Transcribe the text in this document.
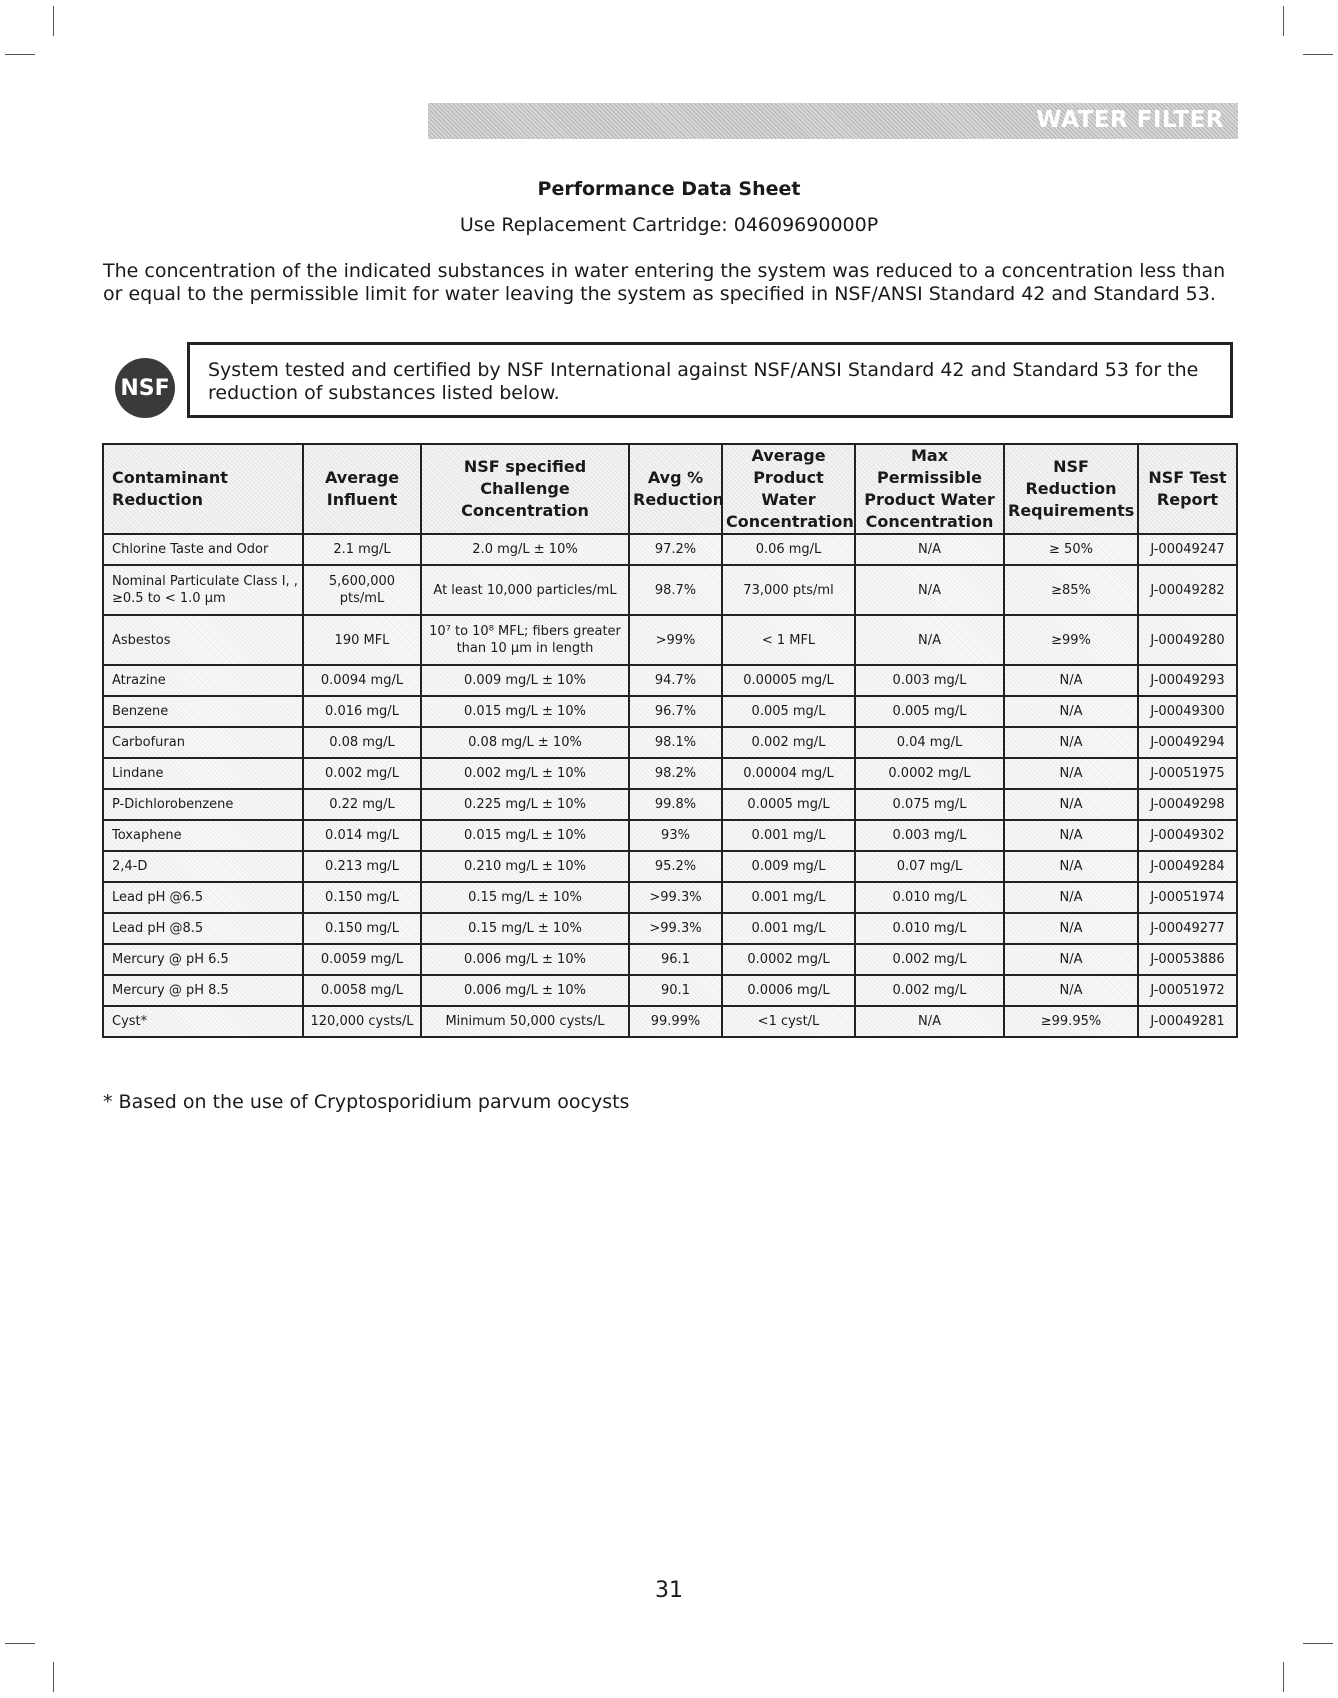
WATER FILTER
Performance Data Sheet
Use Replacement Cartridge: 04609690000P
The concentration of the indicated substances in water entering the system was reduced to a concentration less than or equal to the permissible limit for water leaving the system as specified in NSF/ANSI Standard 42 and Standard 53.
NSF
System tested and certified by NSF International against NSF/ANSI Standard 42 and Standard 53 for the reduction of substances listed below.
Contaminant Reduction	Average Influent	NSF specified Challenge Concentration	Avg % Reduction	Average Product Water Concentration	Max Permissible Product Water Concentration	NSF Reduction Requirements	NSF Test Report
Chlorine Taste and Odor	2.1 mg/L	2.0 mg/L ± 10%	97.2%	0.06 mg/L	N/A	≥ 50%	J-00049247
Nominal Particulate Class I, , ≥0.5 to < 1.0 µm	5,600,000 pts/mL	At least 10,000 particles/mL	98.7%	73,000 pts/ml	N/A	≥85%	J-00049282
Asbestos	190 MFL	10⁷ to 10⁸ MFL; fibers greater than 10 µm in length	>99%	< 1 MFL	N/A	≥99%	J-00049280
Atrazine	0.0094 mg/L	0.009 mg/L ± 10%	94.7%	0.00005 mg/L	0.003 mg/L	N/A	J-00049293
Benzene	0.016 mg/L	0.015 mg/L ± 10%	96.7%	0.005 mg/L	0.005 mg/L	N/A	J-00049300
Carbofuran	0.08 mg/L	0.08 mg/L ± 10%	98.1%	0.002 mg/L	0.04 mg/L	N/A	J-00049294
Lindane	0.002 mg/L	0.002 mg/L ± 10%	98.2%	0.00004 mg/L	0.0002 mg/L	N/A	J-00051975
P-Dichlorobenzene	0.22 mg/L	0.225 mg/L ± 10%	99.8%	0.0005 mg/L	0.075 mg/L	N/A	J-00049298
Toxaphene	0.014 mg/L	0.015 mg/L ± 10%	93%	0.001 mg/L	0.003 mg/L	N/A	J-00049302
2,4-D	0.213 mg/L	0.210 mg/L ± 10%	95.2%	0.009 mg/L	0.07 mg/L	N/A	J-00049284
Lead pH @6.5	0.150 mg/L	0.15 mg/L ± 10%	>99.3%	0.001 mg/L	0.010 mg/L	N/A	J-00051974
Lead pH @8.5	0.150 mg/L	0.15 mg/L ± 10%	>99.3%	0.001 mg/L	0.010 mg/L	N/A	J-00049277
Mercury @ pH 6.5	0.0059 mg/L	0.006 mg/L ± 10%	96.1	0.0002 mg/L	0.002 mg/L	N/A	J-00053886
Mercury @ pH 8.5	0.0058 mg/L	0.006 mg/L ± 10%	90.1	0.0006 mg/L	0.002 mg/L	N/A	J-00051972
Cyst*	120,000 cysts/L	Minimum 50,000 cysts/L	99.99%	<1 cyst/L	N/A	≥99.95%	J-00049281
* Based on the use of Cryptosporidium parvum oocysts
31
